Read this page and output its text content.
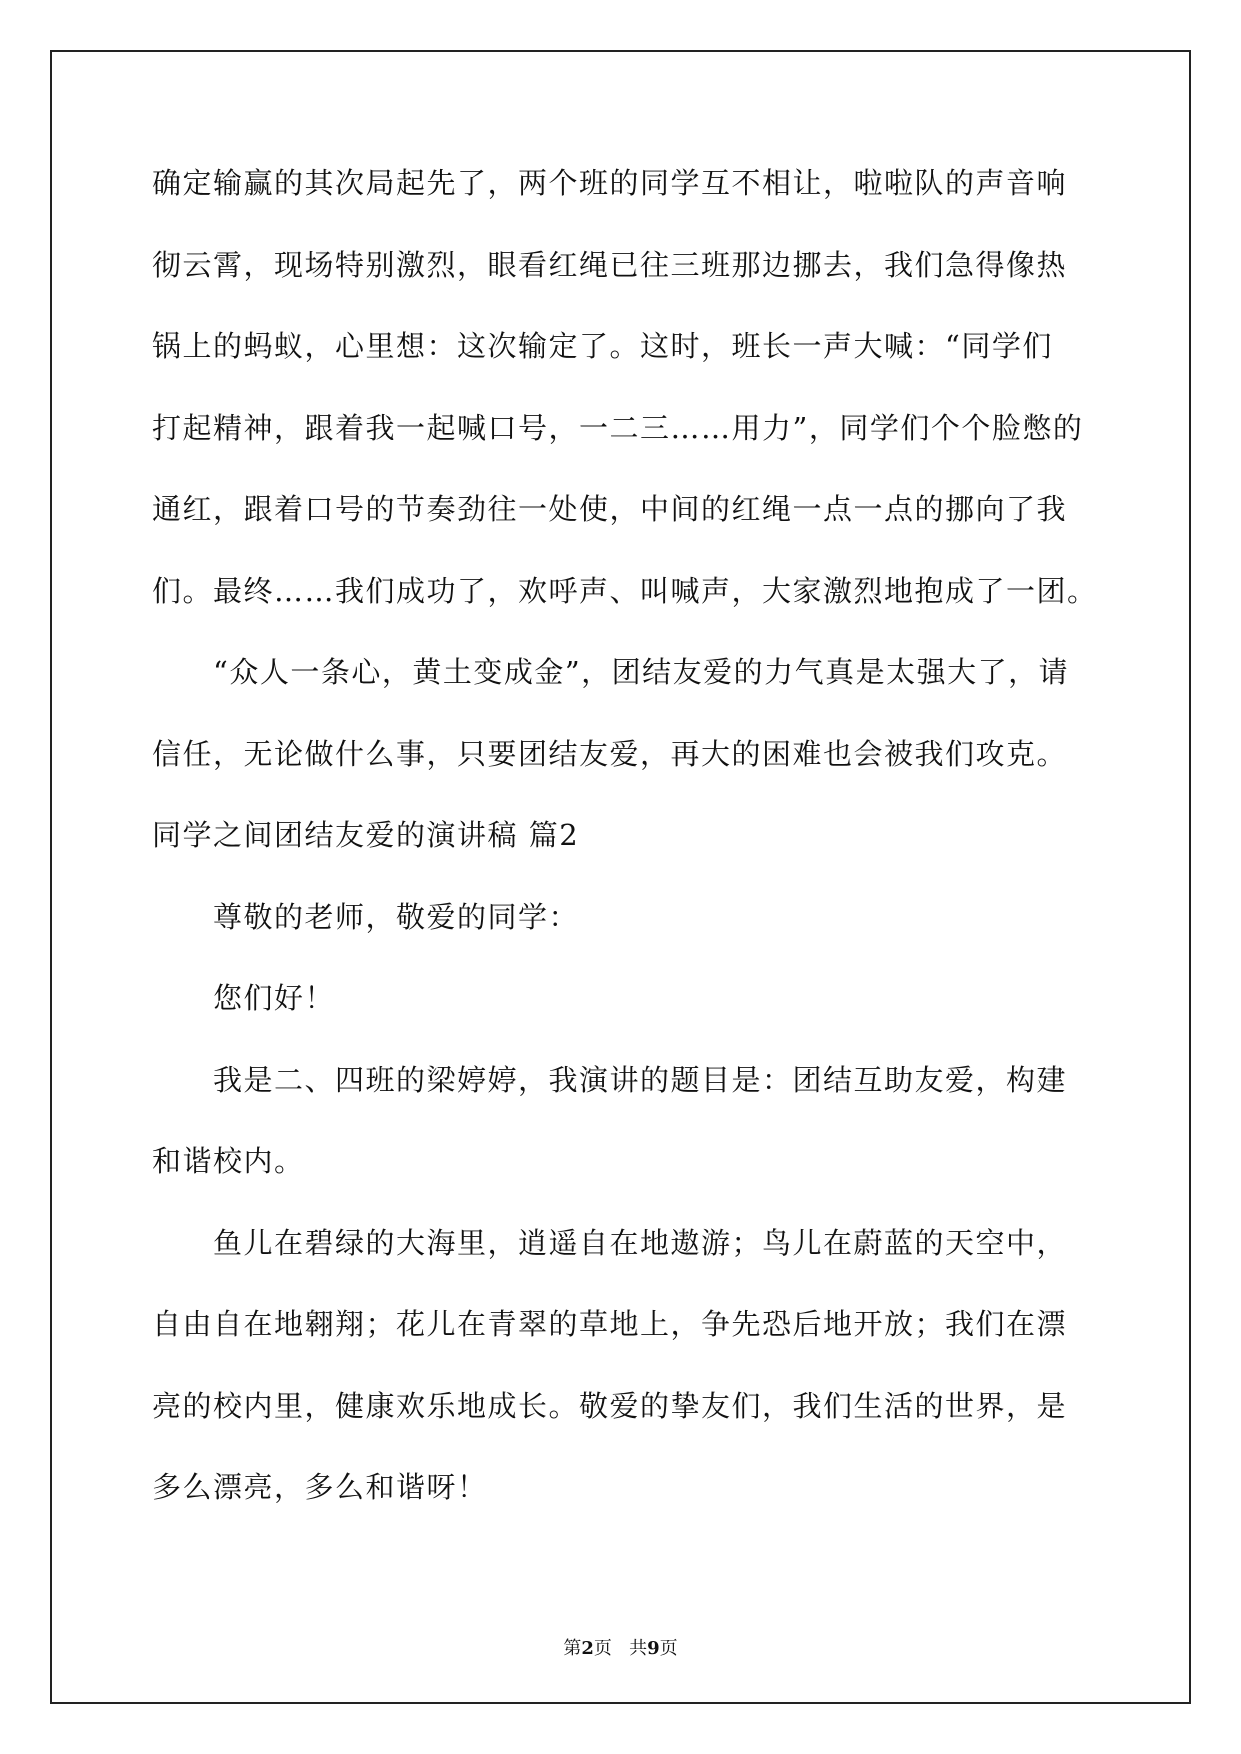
确定输赢的其次局起先了，两个班的同学互不相让，啦啦队的声音响
彻云霄，现场特别激烈，眼看红绳已往三班那边挪去，我们急得像热
锅上的蚂蚁，心里想：这次输定了。这时，班长一声大喊：“同学们
打起精神，跟着我一起喊口号，一二三……用力”，同学们个个脸憋的
通红，跟着口号的节奏劲往一处使，中间的红绳一点一点的挪向了我
们。最终……我们成功了，欢呼声、叫喊声，大家激烈地抱成了一团。
“众人一条心，黄土变成金”，团结友爱的力气真是太强大了，请
信任，无论做什么事，只要团结友爱，再大的困难也会被我们攻克。
同学之间团结友爱的演讲稿 篇2
尊敬的老师，敬爱的同学：
您们好！
我是二、四班的梁婷婷，我演讲的题目是：团结互助友爱，构建
和谐校内。
鱼儿在碧绿的大海里，逍遥自在地遨游；鸟儿在蔚蓝的天空中，
自由自在地翱翔；花儿在青翠的草地上，争先恐后地开放；我们在漂
亮的校内里，健康欢乐地成长。敬爱的挚友们，我们生活的世界，是
多么漂亮，多么和谐呀！
第2页   共9页
